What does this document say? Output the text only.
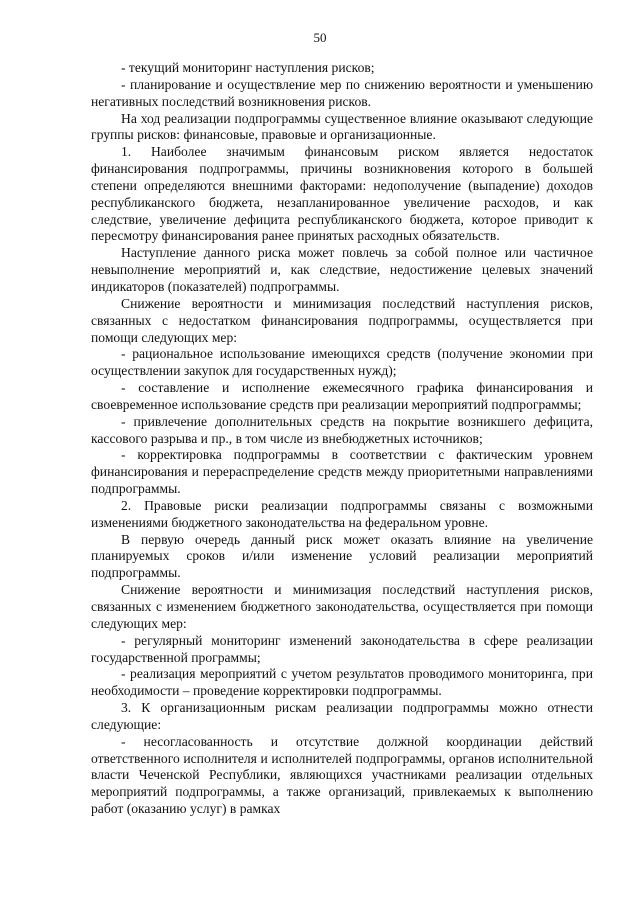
50

- текущий мониторинг наступления рисков;

- планирование и осуществление мер по снижению вероятности и уменьшению негативных последствий возникновения рисков.

На ход реализации подпрограммы существенное влияние оказывают следующие группы рисков: финансовые, правовые и организационные.

1. Наиболее значимым финансовым риском является недостаток финансирования подпрограммы, причины возникновения которого в большей степени определяются внешними факторами: недополучение (выпадение) доходов республиканского бюджета, незапланированное увеличение расходов, и как следствие, увеличение дефицита республиканского бюджета, которое приводит к пересмотру финансирования ранее принятых расходных обязательств.

Наступление данного риска может повлечь за собой полное или частичное невыполнение мероприятий и, как следствие, недостижение целевых значений индикаторов (показателей) подпрограммы.

Снижение вероятности и минимизация последствий наступления рисков, связанных с недостатком финансирования подпрограммы, осуществляется при помощи следующих мер:

- рациональное использование имеющихся средств (получение экономии при осуществлении закупок для государственных нужд);

- составление и исполнение ежемесячного графика финансирования и своевременное использование средств при реализации мероприятий подпрограммы;

- привлечение дополнительных средств на покрытие возникшего дефицита, кассового разрыва и пр., в том числе из внебюджетных источников;

- корректировка подпрограммы в соответствии с фактическим уровнем финансирования и перераспределение средств между приоритетными направлениями подпрограммы.

2. Правовые риски реализации подпрограммы связаны с возможными изменениями бюджетного законодательства на федеральном уровне.

В первую очередь данный риск может оказать влияние на увеличение планируемых сроков и/или изменение условий реализации мероприятий подпрограммы.

Снижение вероятности и минимизация последствий наступления рисков, связанных с изменением бюджетного законодательства, осуществляется при помощи следующих мер:

- регулярный мониторинг изменений законодательства в сфере реализации государственной программы;

- реализация мероприятий с учетом результатов проводимого мониторинга, при необходимости – проведение корректировки подпрограммы.

3. К организационным рискам реализации подпрограммы можно отнести следующие:

- несогласованность и отсутствие должной координации действий ответственного исполнителя и исполнителей подпрограммы, органов исполнительной власти Чеченской Республики, являющихся участниками реализации отдельных мероприятий подпрограммы, а также организаций, привлекаемых к выполнению работ (оказанию услуг) в рамках
